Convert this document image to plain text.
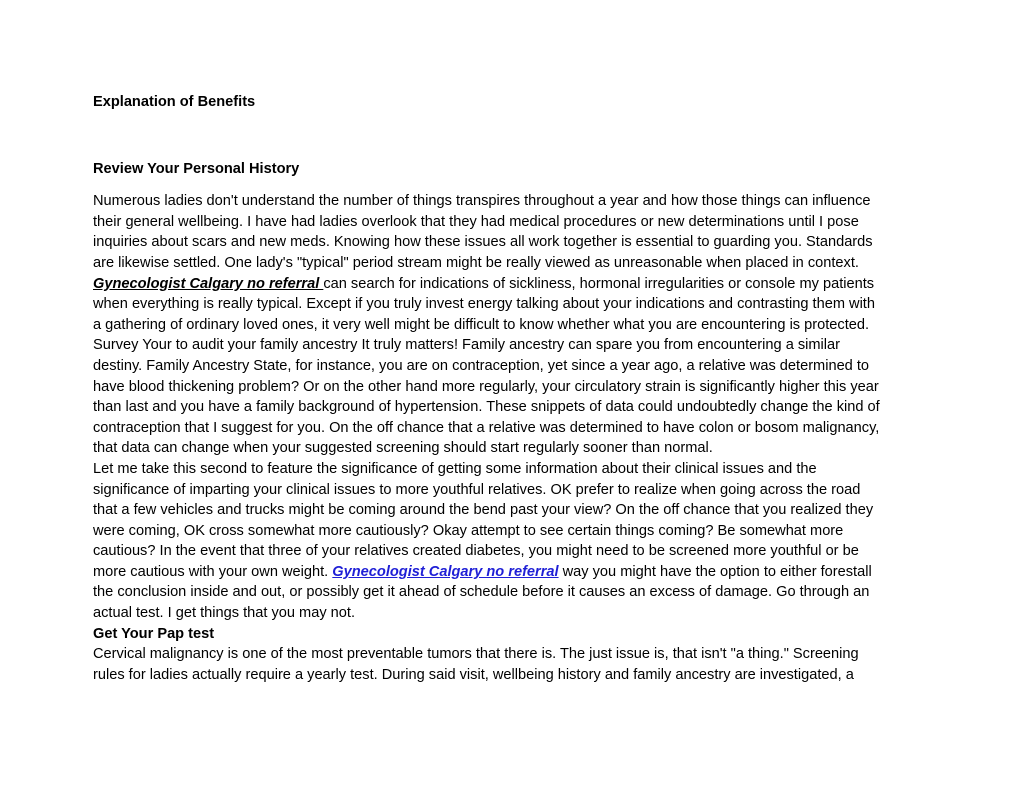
Explanation of Benefits

Review Your Personal History

Numerous ladies don't understand the number of things transpires throughout a year and how those things can influence
their general wellbeing. I have had ladies overlook that they had medical procedures or new determinations until I pose
inquiries about scars and new meds. Knowing how these issues all work together is essential to guarding you. Standards
are likewise settled. One lady's "typical" period stream might be really viewed as unreasonable when placed in context.
Gynecologist Calgary no referral can search for indications of sickliness, hormonal irregularities or console my patients
when everything is really typical. Except if you truly invest energy talking about your indications and contrasting them with
a gathering of ordinary loved ones, it very well might be difficult to know whether what you are encountering is protected.
Survey Your to audit your family ancestry It truly matters! Family ancestry can spare you from encountering a similar
destiny. Family Ancestry State, for instance, you are on contraception, yet since a year ago, a relative was determined to
have blood thickening problem? Or on the other hand more regularly, your circulatory strain is significantly higher this year
than last and you have a family background of hypertension. These snippets of data could undoubtedly change the kind of
contraception that I suggest for you. On the off chance that a relative was determined to have colon or bosom malignancy,
that data can change when your suggested screening should start regularly sooner than normal.
Let me take this second to feature the significance of getting some information about their clinical issues and the
significance of imparting your clinical issues to more youthful relatives. OK prefer to realize when going across the road
that a few vehicles and trucks might be coming around the bend past your view? On the off chance that you realized they
were coming, OK cross somewhat more cautiously? Okay attempt to see certain things coming? Be somewhat more
cautious? In the event that three of your relatives created diabetes, you might need to be screened more youthful or be
more cautious with your own weight. Gynecologist Calgary no referral way you might have the option to either forestall
the conclusion inside and out, or possibly get it ahead of schedule before it causes an excess of damage. Go through an
actual test. I get things that you may not.
Get Your Pap test
Cervical malignancy is one of the most preventable tumors that there is. The just issue is, that isn't "a thing." Screening
rules for ladies actually require a yearly test. During said visit, wellbeing history and family ancestry are investigated, a
